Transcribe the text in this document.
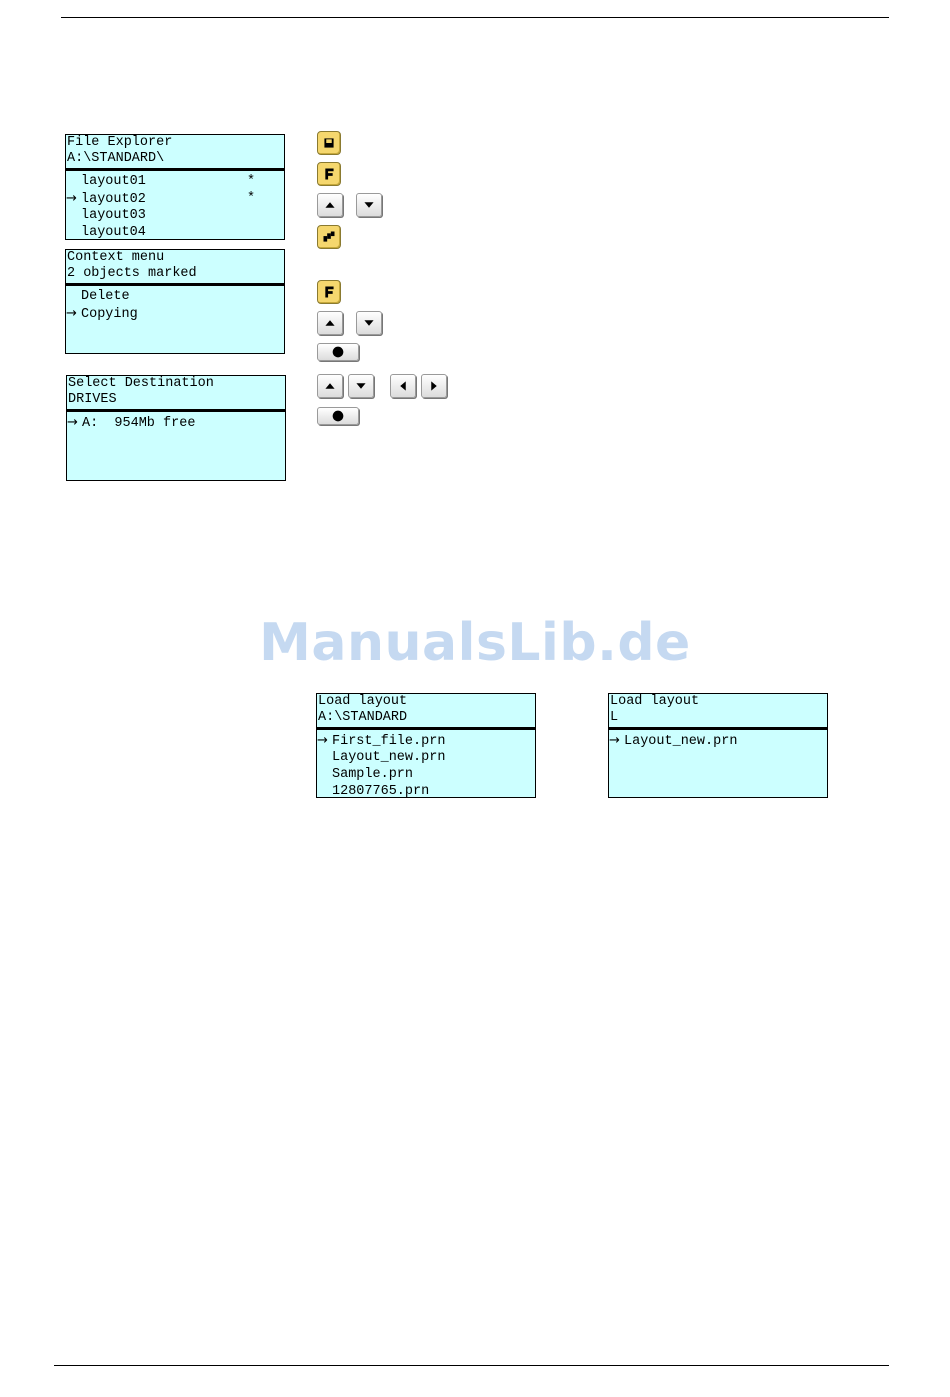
File Explorer
A:\STANDARD\
layout01	*
→ layout02	*
layout03
layout04
Context menu
2 objects marked
Delete
→ Copying
Select Destination
DRIVES
→ A:  954Mb free
ManualsLib.de
Load layout
A:\STANDARD
→ First_file.prn
Layout_new.prn
Sample.prn
12807765.prn
Load layout
L
→ Layout_new.prn
